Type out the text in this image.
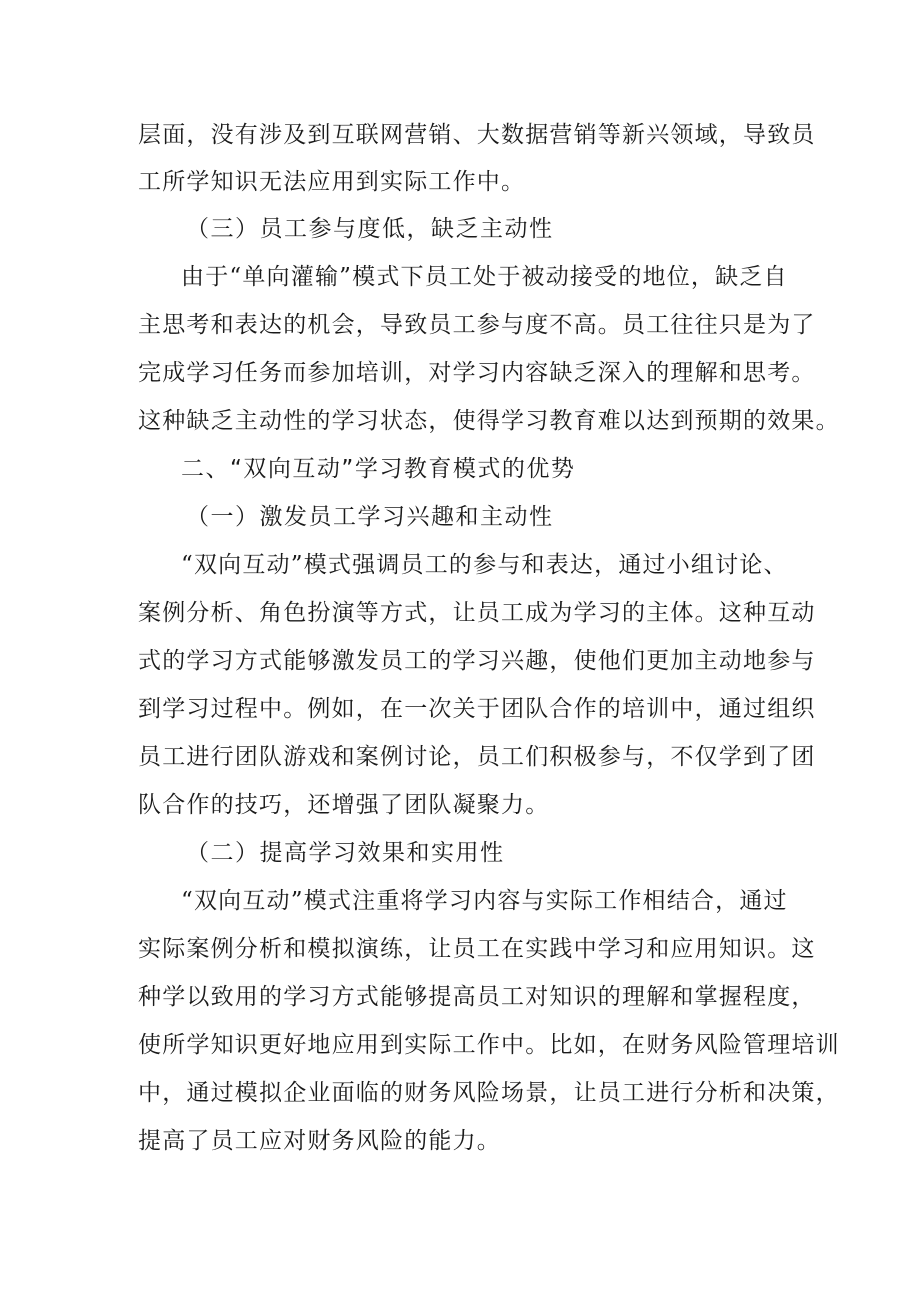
层面，没有涉及到互联网营销、大数据营销等新兴领域，导致员
工所学知识无法应用到实际工作中。
（三）员工参与度低，缺乏主动性
由于“单向灌输”模式下员工处于被动接受的地位，缺乏自
主思考和表达的机会，导致员工参与度不高。员工往往只是为了
完成学习任务而参加培训，对学习内容缺乏深入的理解和思考。
这种缺乏主动性的学习状态，使得学习教育难以达到预期的效果。
二、“双向互动”学习教育模式的优势
（一）激发员工学习兴趣和主动性
“双向互动”模式强调员工的参与和表达，通过小组讨论、
案例分析、角色扮演等方式，让员工成为学习的主体。这种互动
式的学习方式能够激发员工的学习兴趣，使他们更加主动地参与
到学习过程中。例如，在一次关于团队合作的培训中，通过组织
员工进行团队游戏和案例讨论，员工们积极参与，不仅学到了团
队合作的技巧，还增强了团队凝聚力。
（二）提高学习效果和实用性
“双向互动”模式注重将学习内容与实际工作相结合，通过
实际案例分析和模拟演练，让员工在实践中学习和应用知识。这
种学以致用的学习方式能够提高员工对知识的理解和掌握程度，
使所学知识更好地应用到实际工作中。比如，在财务风险管理培训
中，通过模拟企业面临的财务风险场景，让员工进行分析和决策，
提高了员工应对财务风险的能力。
